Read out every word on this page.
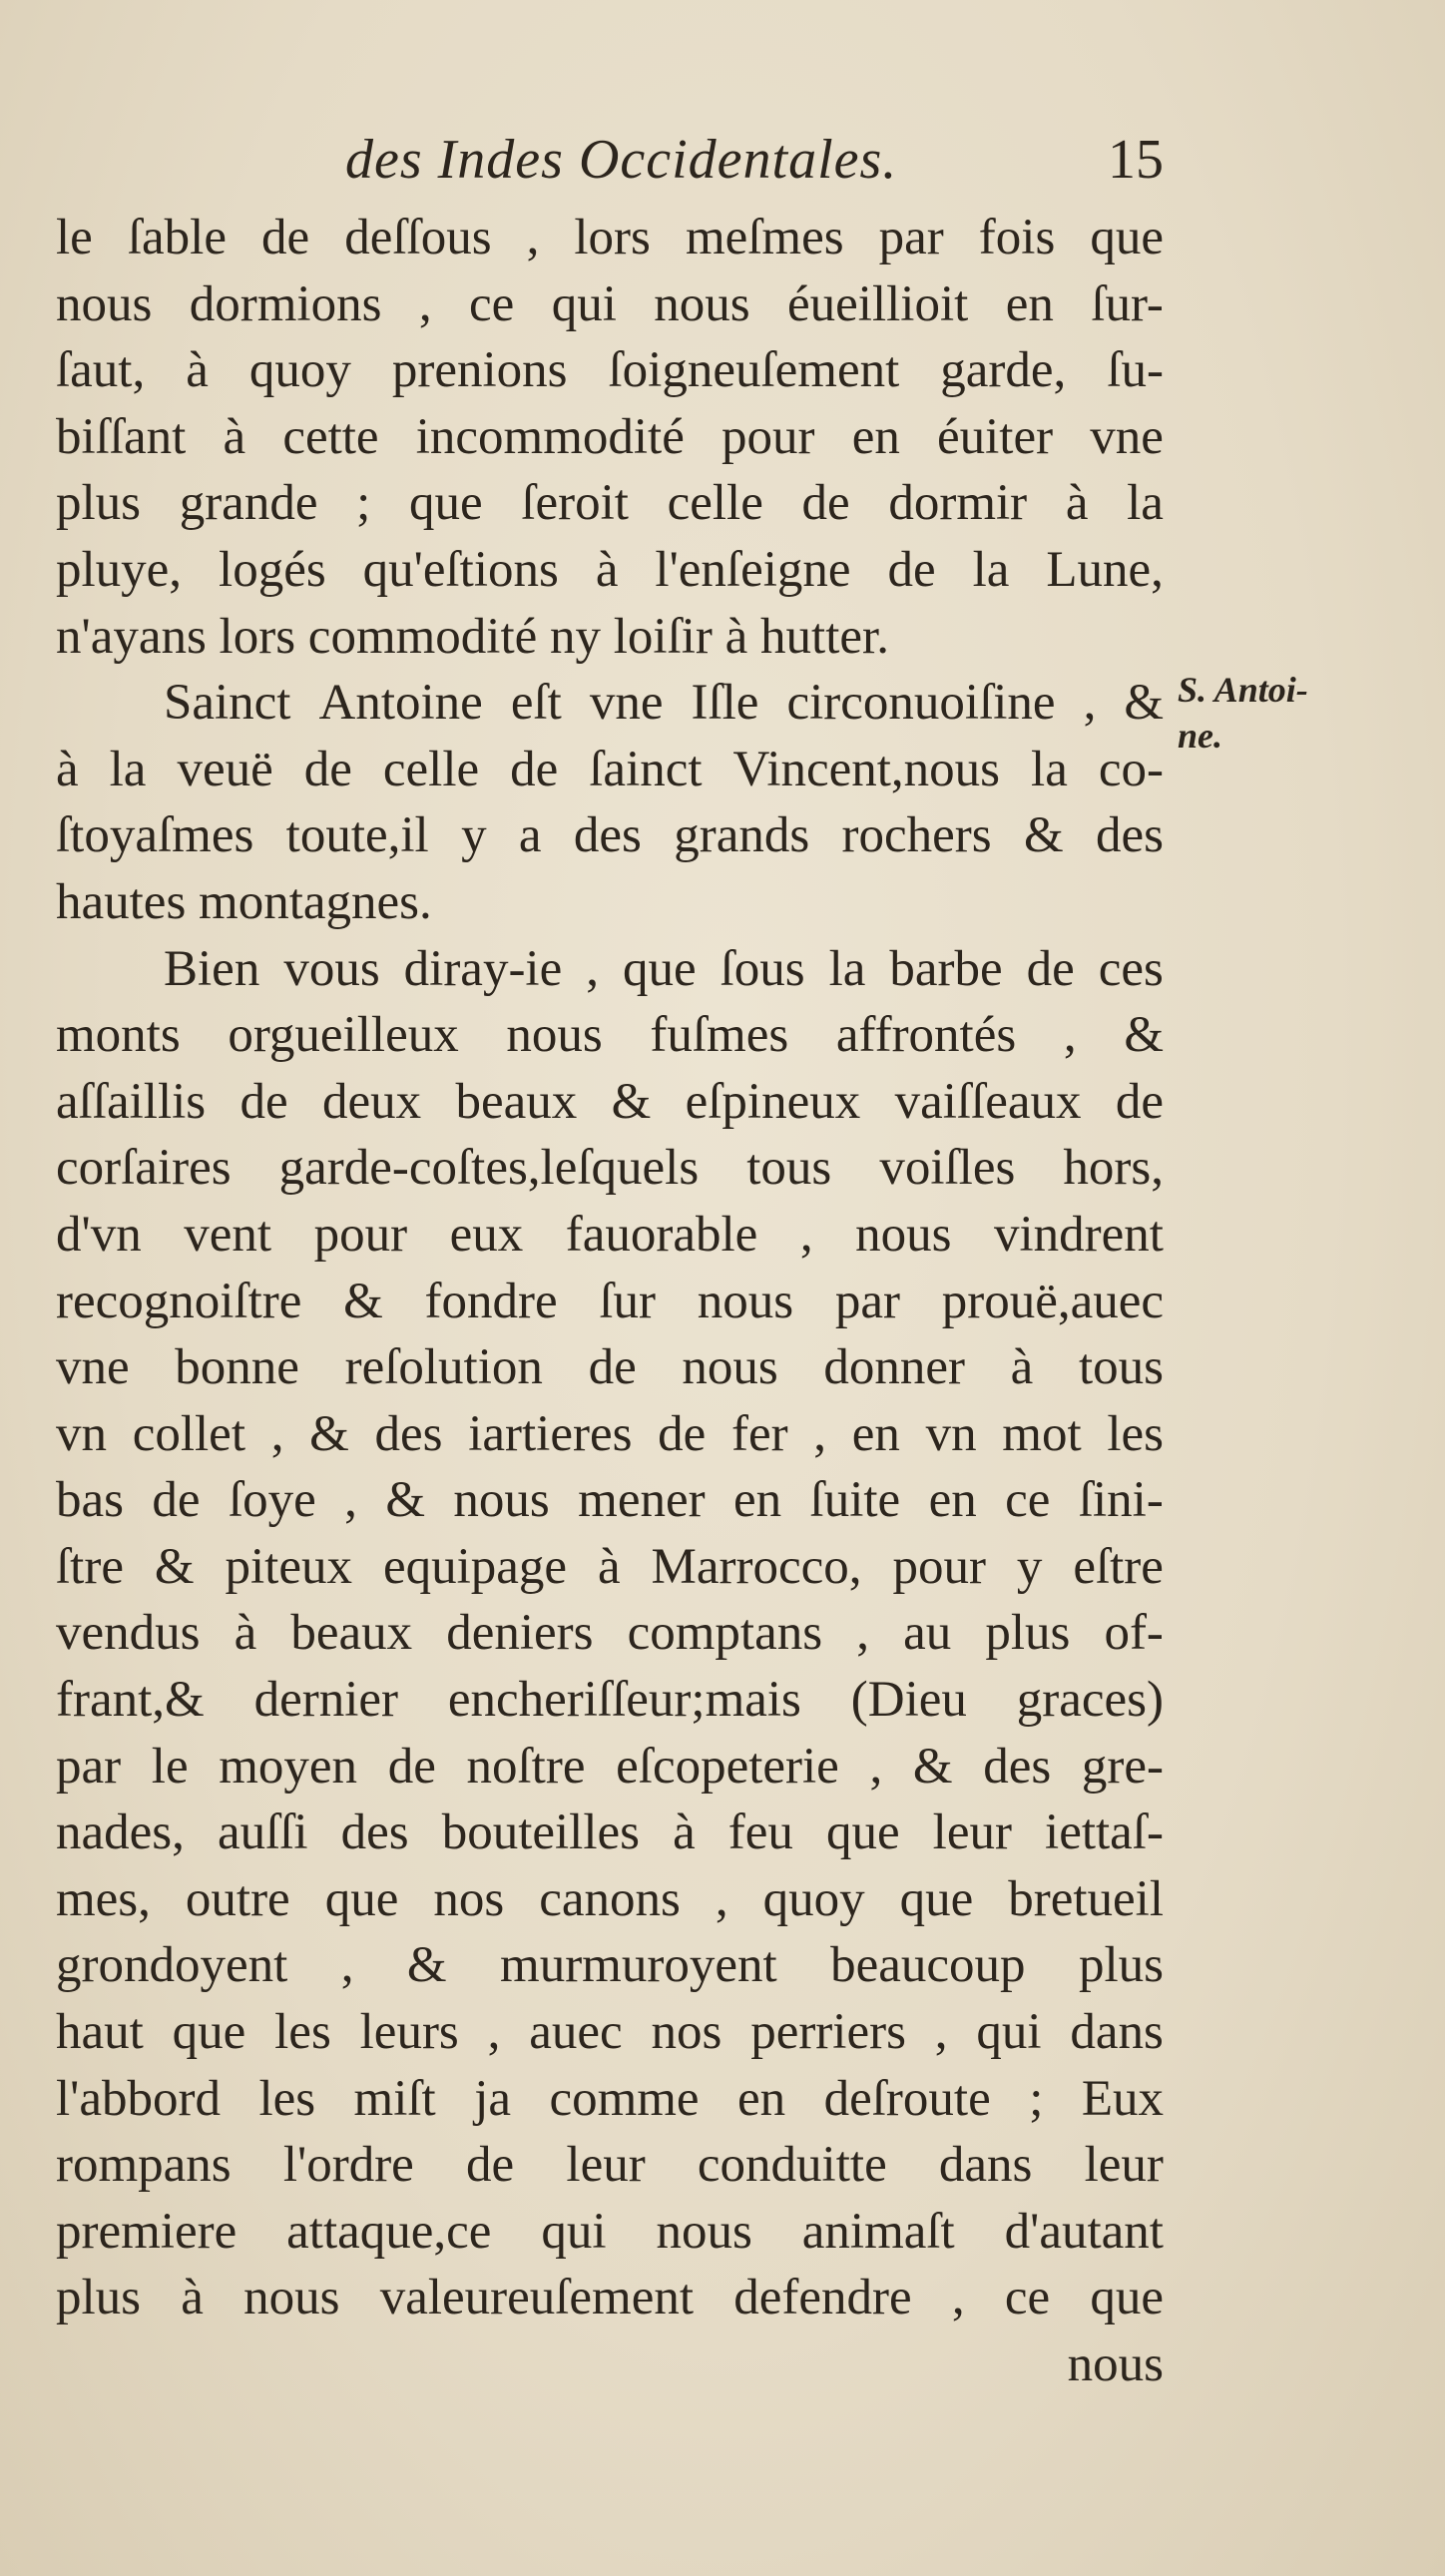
des Indes Occidentales.	15
le ſable de deſſous , lors meſmes par fois que
nous dormions , ce qui nous éueillioit en ſur-
ſaut, à quoy prenions ſoigneuſement garde, ſu-
biſſant à cette incommodité pour en éuiter vne
plus grande ; que ſeroit celle de dormir à la
pluye, logés qu'eſtions à l'enſeigne de la Lune,
n'ayans lors commodité ny loiſir à hutter.
Sainct Antoine eſt vne Iſle circonuoiſine , &
à la veuë de celle de ſainct Vincent,nous la co-
ſtoyaſmes toute,il y a des grands rochers & des
hautes montagnes.
Bien vous diray-ie , que ſous la barbe de ces
monts orgueilleux nous fuſmes affrontés , &
aſſaillis de deux beaux & eſpineux vaiſſeaux de
corſaires garde-coſtes,leſquels tous voiſles hors,
d'vn vent pour eux fauorable , nous vindrent
recognoiſtre & fondre ſur nous par prouë,auec
vne bonne reſolution de nous donner à tous
vn collet , & des iartieres de fer , en vn mot les
bas de ſoye , & nous mener en ſuite en ce ſini-
ſtre & piteux equipage à Marrocco, pour y eſtre
vendus à beaux deniers comptans , au plus of-
frant,& dernier encheriſſeur;mais (Dieu graces)
par le moyen de noſtre eſcopeterie , & des gre-
nades, auſſi des bouteilles à feu que leur iettaſ-
mes, outre que nos canons , quoy que bretueil
grondoyent , & murmuroyent beaucoup plus
haut que les leurs , auec nos perriers , qui dans
l'abbord les miſt ja comme en deſroute ; Eux
rompans l'ordre de leur conduitte dans leur
premiere attaque,ce qui nous animaſt d'autant
plus à nous valeureuſement defendre , ce que
nous
S. Antoi-
ne.
